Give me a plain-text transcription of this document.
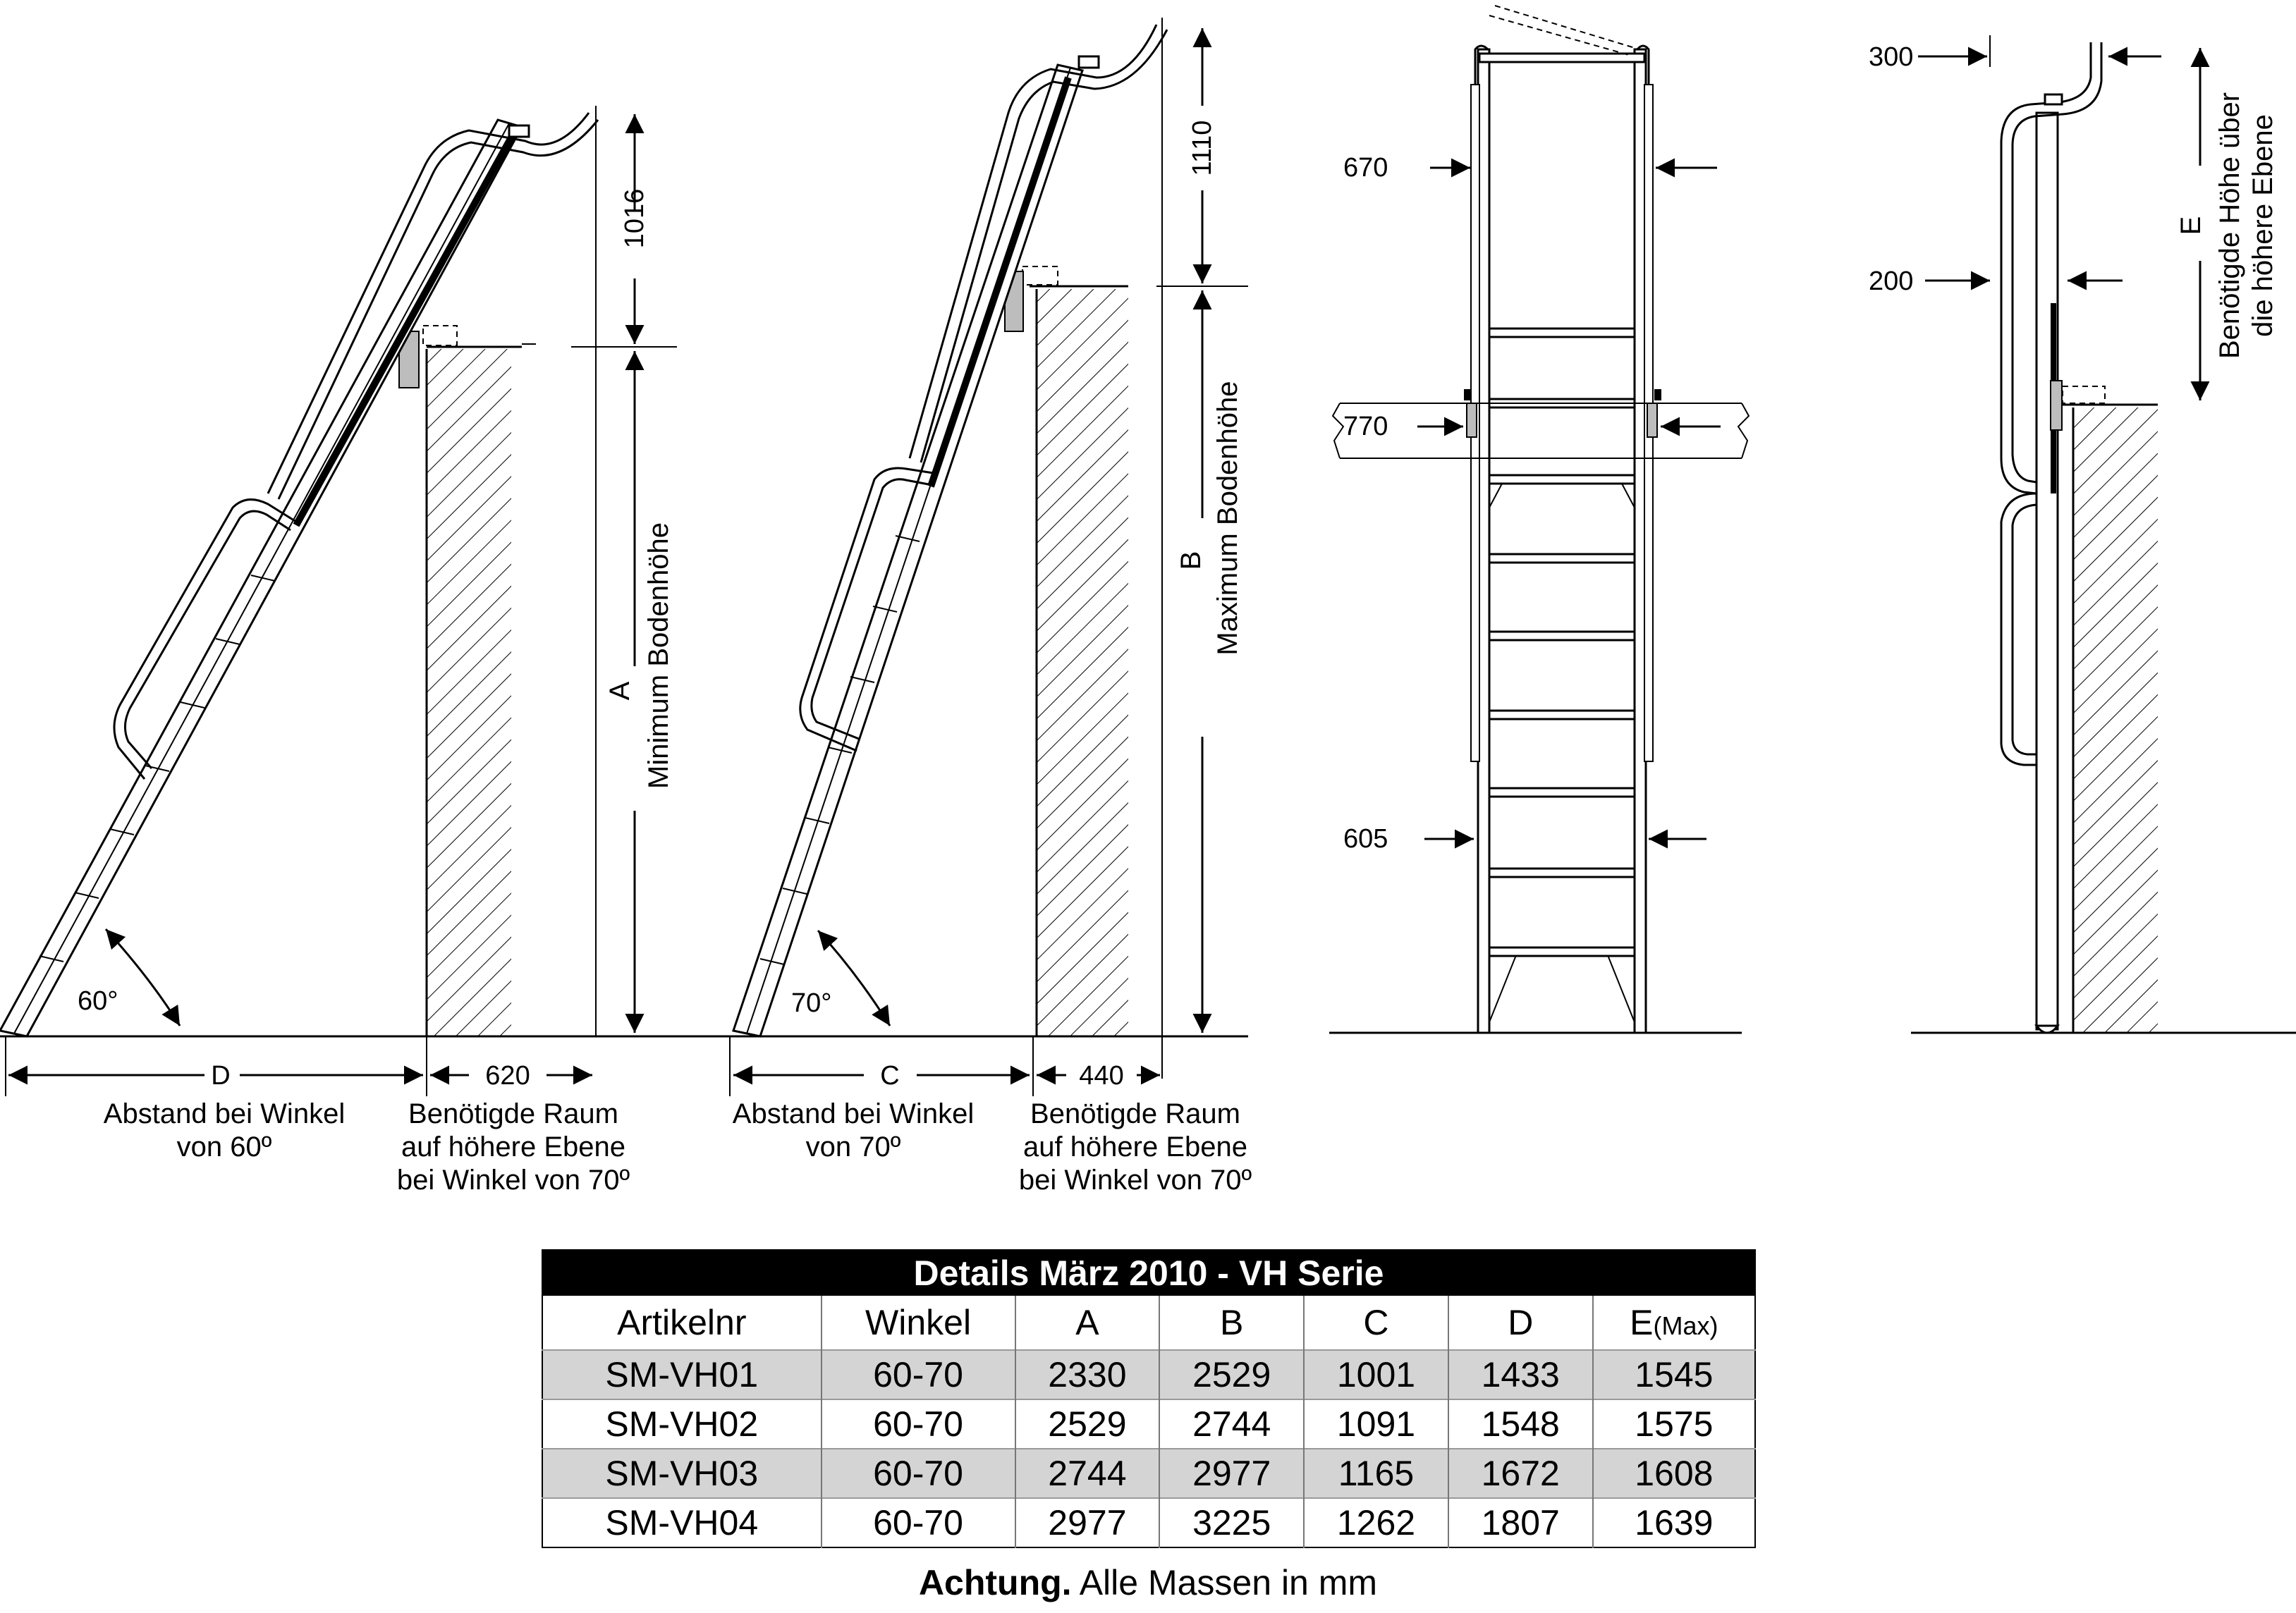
60°
1016
A Minimum Bodenhöhe
D	620
Abstand bei Winkel
von 60º
Benötigde Raum
auf höhere Ebene
bei Winkel von 70º
70°
1110
B Maximum Bodenhöhe
C	440
Abstand bei Winkel
von 70º
Benötigde Raum
auf höhere Ebene
bei Winkel von 70º
670
770
605
300
200
E Benötigde Höhe über die höhere Ebene
Details März 2010 - VH Serie						
Artikelnr	Winkel	A	B	C	D	E(Max)
SM-VH01	60-70	2330	2529	1001	1433	1545
SM-VH02	60-70	2529	2744	1091	1548	1575
SM-VH03	60-70	2744	2977	1165	1672	1608
SM-VH04	60-70	2977	3225	1262	1807	1639
Achtung. Alle Massen in mm
